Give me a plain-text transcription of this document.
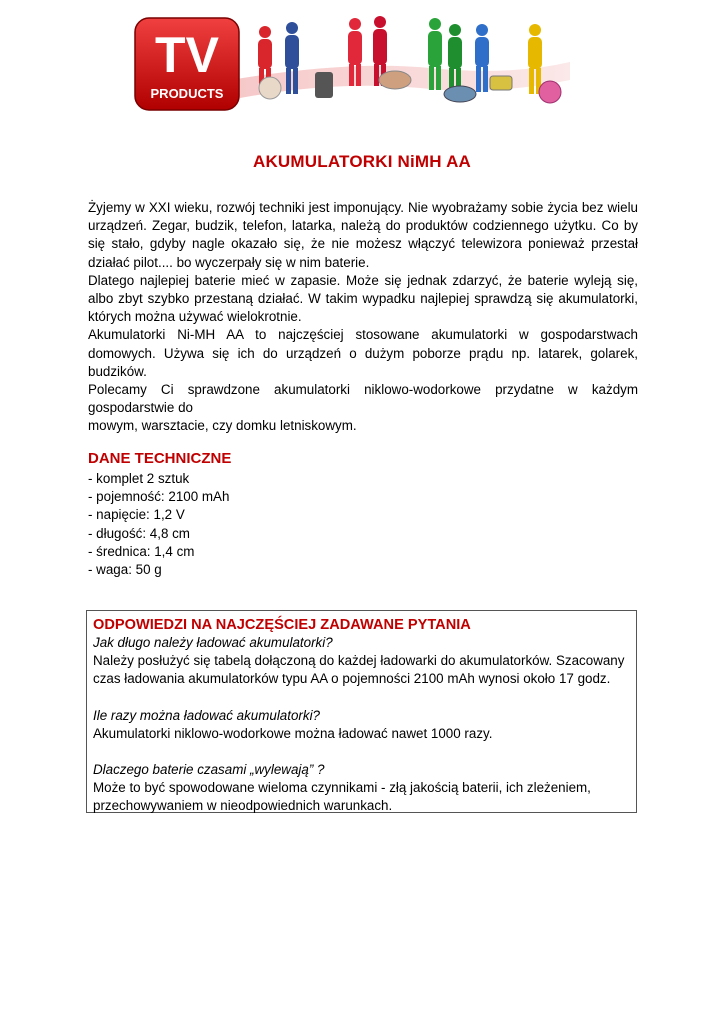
TV
PRODUCTS
AKUMULATORKI NiMH AA

Żyjemy w XXI wieku, rozwój techniki jest imponujący. Nie wyobrażamy sobie życia bez wielu urządzeń. Zegar, budzik, telefon, latarka, należą do produktów codziennego użytku. Co by się stało, gdyby nagle okazało się, że nie możesz włączyć telewizora ponieważ przestał działać pilot.... bo wyczerpały się w nim baterie.

Dlatego najlepiej baterie mieć w zapasie. Może się jednak zdarzyć, że baterie wyleją się, albo zbyt szybko przestaną działać. W takim wypadku najlepiej sprawdzą się akumulatorki, których można używać wielokrotnie.

Akumulatorki Ni-MH AA to najczęściej stosowane akumulatorki w gospodarstwach domowych. Używa się ich do urządzeń o dużym poborze prądu np. latarek, golarek, budzików.

Polecamy Ci sprawdzone akumulatorki niklowo-wodorkowe przydatne w każdym gospodarstwie do

mowym, warsztacie, czy domku letniskowym.

DANE TECHNICZNE
- komplet 2 sztuk
- pojemność: 2100 mAh
- napięcie: 1,2 V
- długość: 4,8 cm
- średnica: 1,4 cm
- waga: 50 g
ODPOWIEDZI NA NAJCZĘŚCIEJ ZADAWANE PYTANIA
Jak długo należy ładować akumulatorki?
Należy posłużyć się tabelą dołączoną do każdej ładowarki do akumulatorków. Szacowany czas ładowania akumulatorków typu AA o pojemności 2100 mAh wynosi około 17 godz.
Ile razy można ładować akumulatorki?
Akumulatorki niklowo-wodorkowe można ładować nawet 1000 razy.
Dlaczego baterie czasami „wylewają” ?
Może to być spowodowane wieloma czynnikami - złą jakością baterii, ich zleżeniem, przechowywaniem w nieodpowiednich warunkach.
